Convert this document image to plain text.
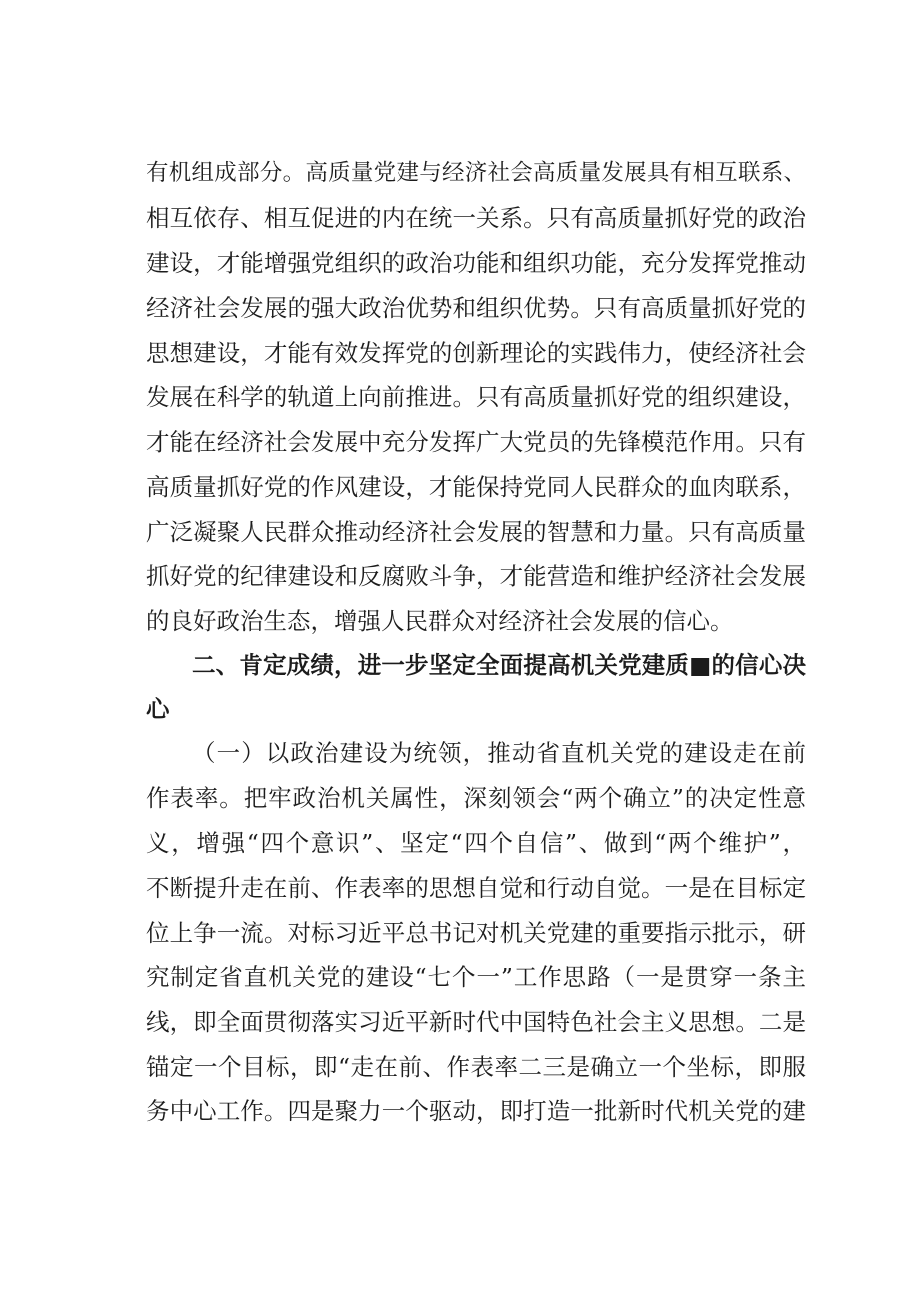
有机组成部分。高质量党建与经济社会高质量发展具有相互联系、
相互依存、相互促进的内在统一关系。只有高质量抓好党的政治
建设，才能增强党组织的政治功能和组织功能，充分发挥党推动
经济社会发展的强大政治优势和组织优势。只有高质量抓好党的
思想建设，才能有效发挥党的创新理论的实践伟力，使经济社会
发展在科学的轨道上向前推进。只有高质量抓好党的组织建设，
才能在经济社会发展中充分发挥广大党员的先锋模范作用。只有
高质量抓好党的作风建设，才能保持党同人民群众的血肉联系，
广泛凝聚人民群众推动经济社会发展的智慧和力量。只有高质量
抓好党的纪律建设和反腐败斗争，才能营造和维护经济社会发展
的良好政治生态，增强人民群众对经济社会发展的信心。
二、肯定成绩，进一步坚定全面提高机关党建质■的信心决
心
（一）以政治建设为统领，推动省直机关党的建设走在前
作表率。把牢政治机关属性，深刻领会“两个确立”的决定性意
义，增强“四个意识”、坚定“四个自信”、做到“两个维护”，
不断提升走在前、作表率的思想自觉和行动自觉。一是在目标定
位上争一流。对标习近平总书记对机关党建的重要指示批示，研
究制定省直机关党的建设“七个一”工作思路（一是贯穿一条主
线，即全面贯彻落实习近平新时代中国特色社会主义思想。二是
锚定一个目标，即“走在前、作表率二三是确立一个坐标，即服
务中心工作。四是聚力一个驱动，即打造一批新时代机关党的建
